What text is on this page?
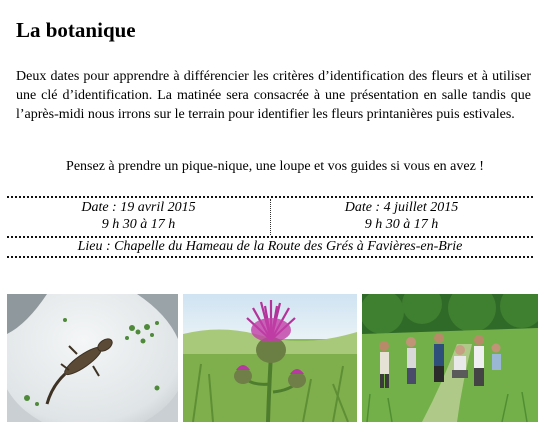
La botanique

Deux dates pour apprendre à différencier les critères d’identification des fleurs et à utiliser une clé d’identification. La matinée sera consacrée à une présentation en salle tandis que l’après-midi nous irrons sur le terrain pour identifier les fleurs printanières puis estivales.

Pensez à prendre un pique-nique, une loupe et vos guides si vous en avez !
Date : 19 avril 2015
9 h 30 à 17 h
Date : 4 juillet 2015
9 h 30 à 17 h
Lieu : Chapelle du Hameau de la Route des Grés à Favières-en-Brie
